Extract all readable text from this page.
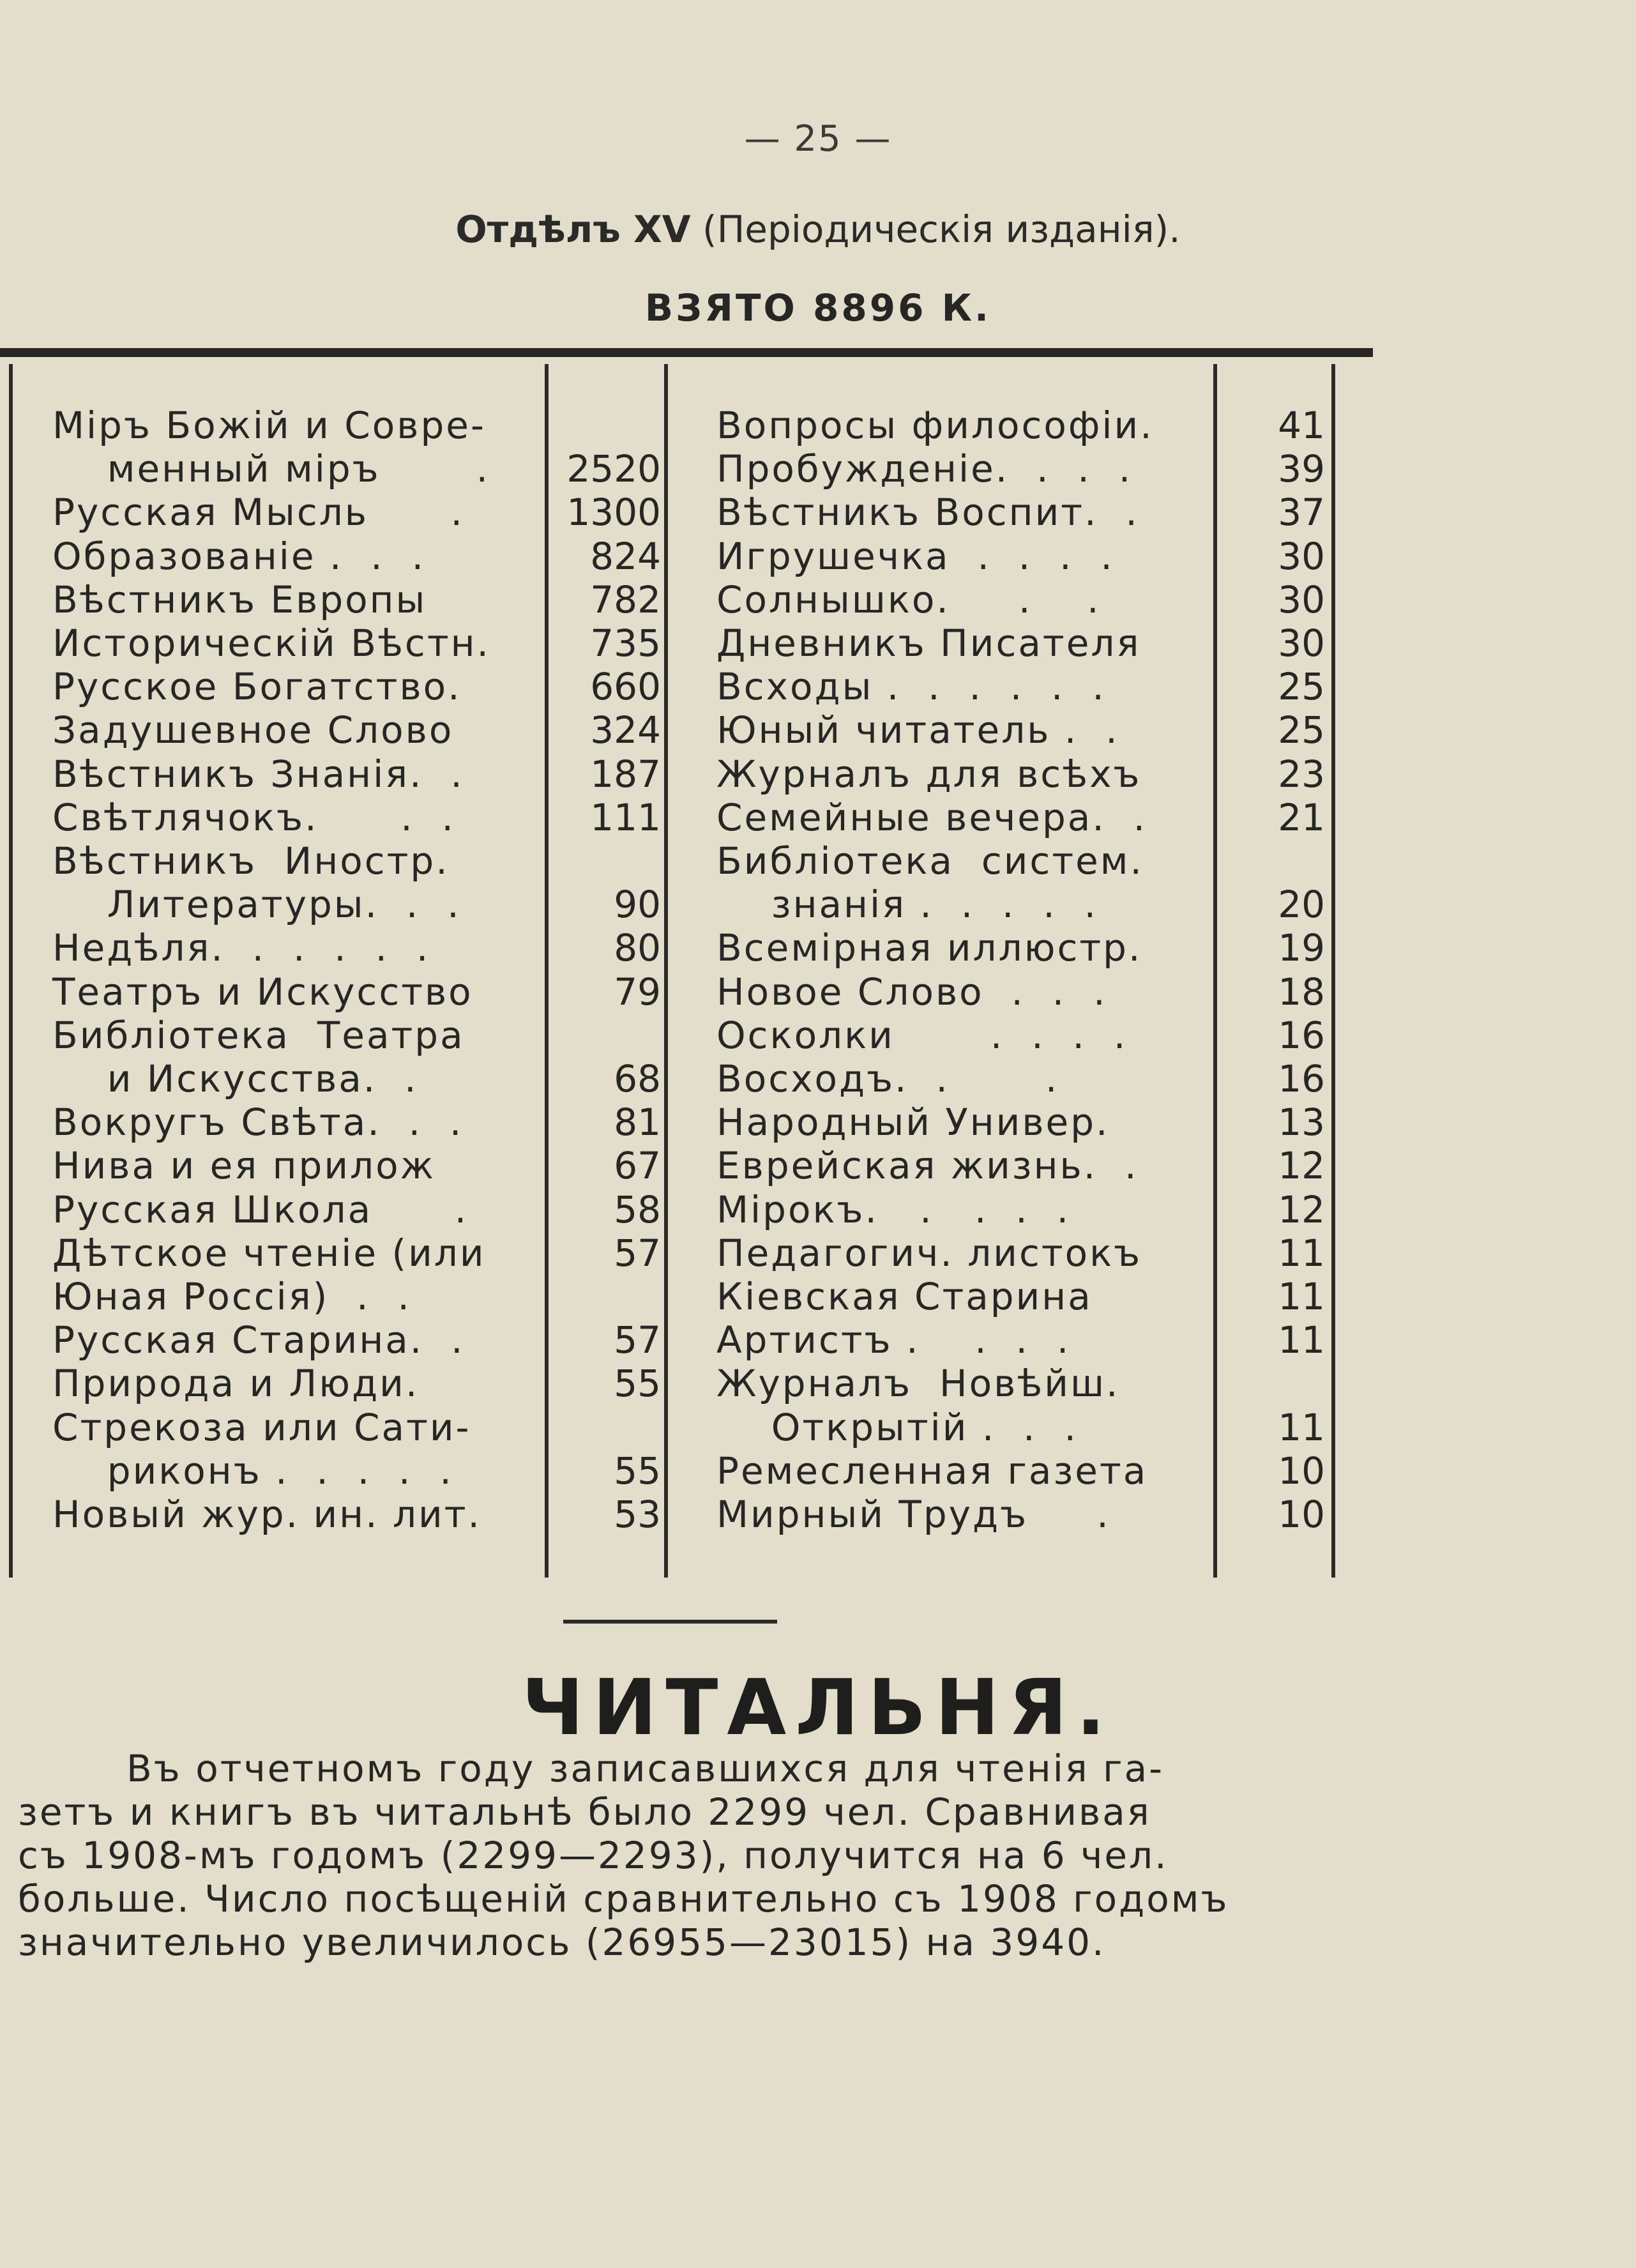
— 25 —
Отдѣлъ XV (Періодическія изданія).
ВЗЯТО 8896 К.
Міръ Божій и Совре-
менный міръ       .	2520
Русская Мысль      .	1300
Образованіе .  .  .	824
Вѣстникъ Европы	782
Историческій Вѣстн.	735
Русское Богатство.	660
Задушевное Слово	324
Вѣстникъ Знанія.  .	187
Свѣтлячокъ.      .  .	111
Вѣстникъ  Иностр.
Литературы.  .  .	90
Недѣля.  .  .  .  .  .	80
Театръ и Искусство	79
Библіотека  Театра
и Искусства.  .	68
Вокругъ Свѣта.  .  .	81
Нива и ея прилож	67
Русская Школа      .	58
Дѣтское чтеніе (или	57
Юная Россія)  .  .
Русская Старина.  .	57
Природа и Люди.	55
Стрекоза или Сати-
риконъ .  .  .  .  .	55
Новый жур. ин. лит.	53
Вопросы философіи.	41
Пробужденіе.  .  .  .	39
Вѣстникъ Воспит.  .	37
Игрушечка  .  .  .  .	30
Солнышко.     .    .	30
Дневникъ Писателя	30
Всходы .  .  .  .  .  .	25
Юный читатель .  .	25
Журналъ для всѣхъ	23
Семейные вечера.  .	21
Библіотека  систем.
знанія .  .  .  .  .	20
Всеміpная иллюстр.	19
Новое Слово  .  .  .	18
Осколки       .  .  .  .	16
Восходъ.  .       .	16
Народный Универ.	13
Еврейская жизнь.  .	12
Мірокъ.   .   .  .  .	12
Педагогич. листокъ	11
Кіевская Старина	11
Артистъ .    .  .  .	11
Журналъ  Новѣйш.
Открытій .  .  .	11
Ремесленная газета	10
Мирный Трудъ     .	10
ЧИТАЛЬНЯ.

Въ отчетномъ году записавшихся для чтенія га-

зетъ и книгъ въ читальнѣ было 2299 чел. Сравнивая

съ 1908-мъ годомъ (2299—2293), получится на 6 чел.

больше. Число посѣщеній сравнительно съ 1908 годомъ

значительно увеличилось (26955—23015) на 3940.
